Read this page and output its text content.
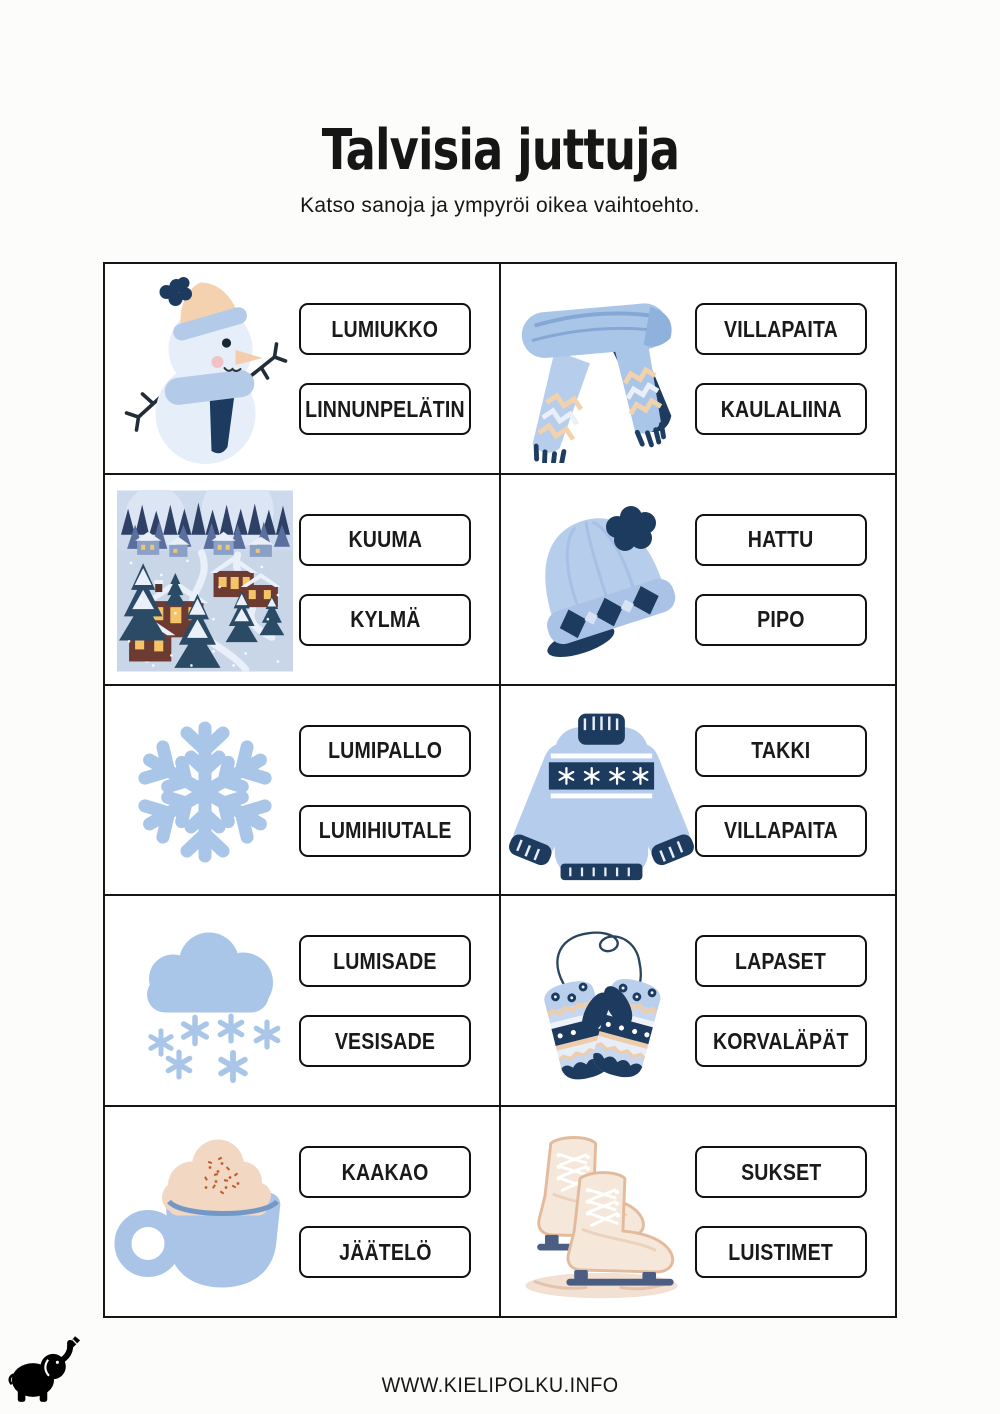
Talvisia juttuja
Katso sanoja ja ympyröi oikea vaihtoehto.
LUMIUKKO
LINNUNPELÄTIN
VILLAPAITA
KAULALIINA
KUUMA
KYLMÄ
HATTU
PIPO
LUMIPALLO
LUMIHIUTALE
TAKKI
VILLAPAITA
LUMISADE
VESISADE
LAPASET
KORVALÄPÄT
KAAKAO
JÄÄTELÖ
SUKSET
LUISTIMET
WWW.KIELIPOLKU.INFO
